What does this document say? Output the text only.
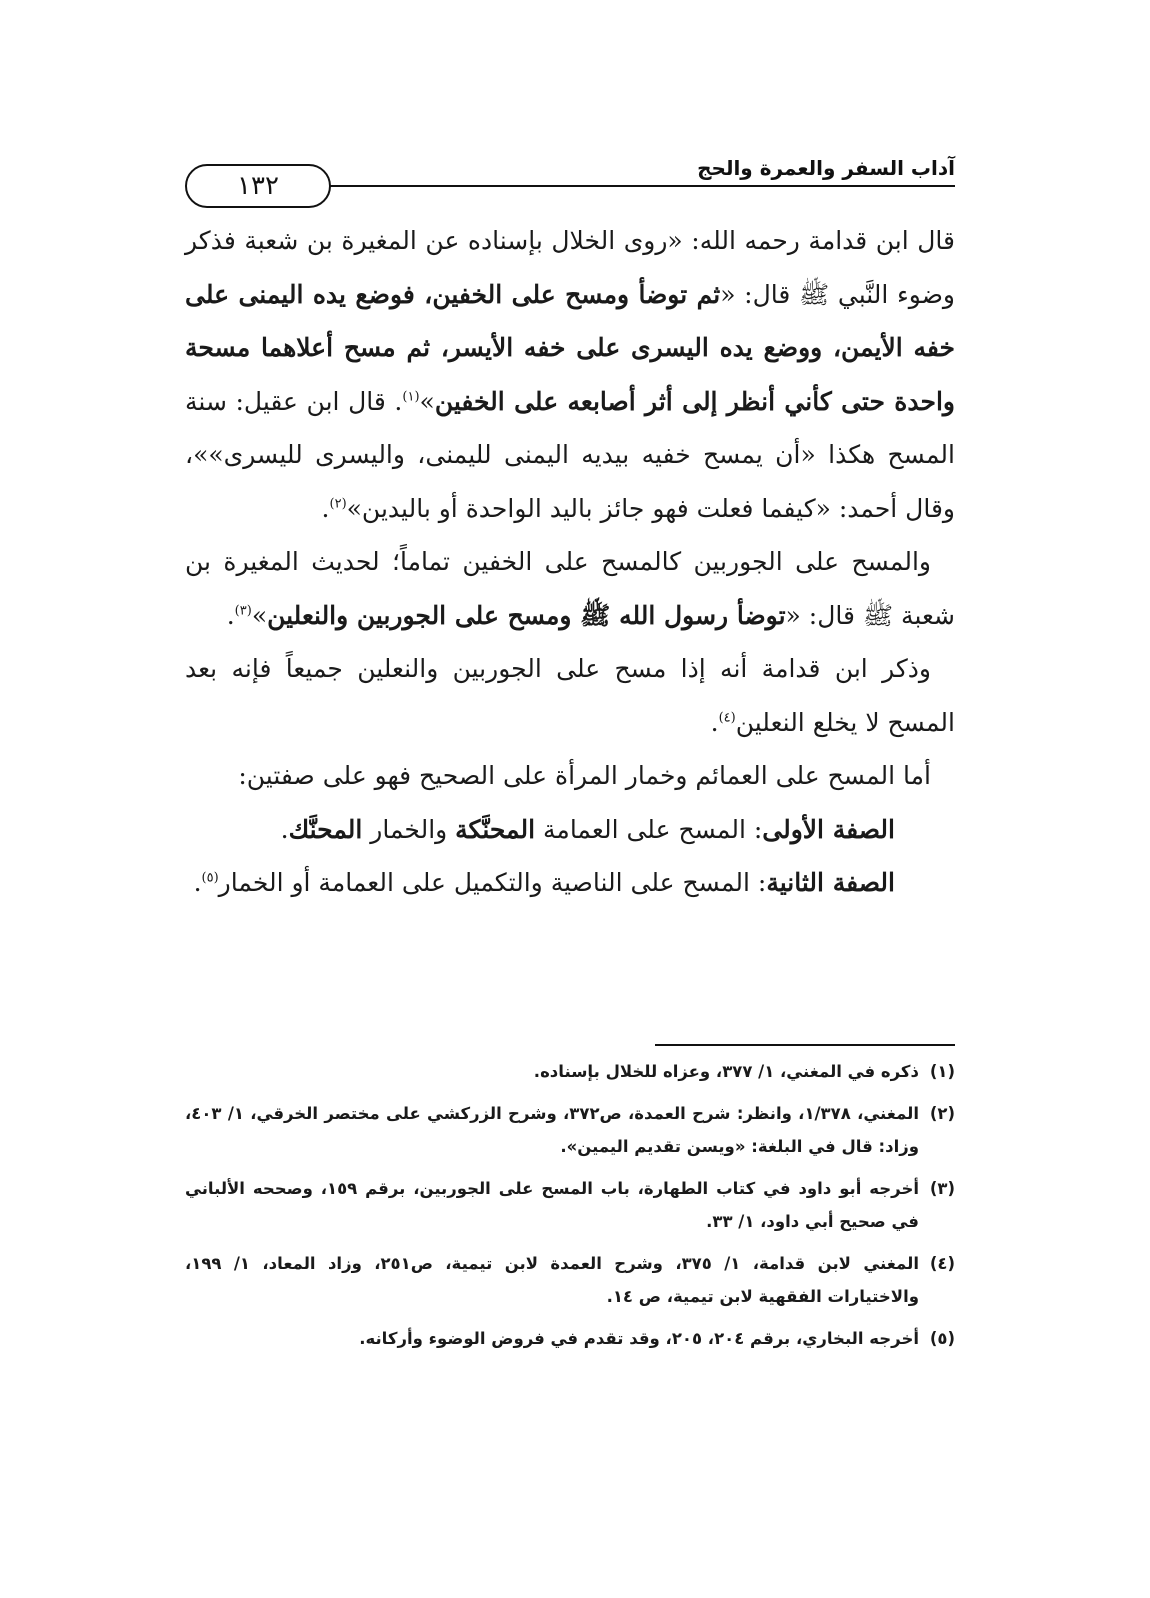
آداب السفر والعمرة والحج
١٣٢

قال ابن قدامة رحمه الله: «روى الخلال بإسناده عن المغيرة بن شعبة فذكر وضوء النَّبي ﷺ قال: «ثم توضأ ومسح على الخفين، فوضع يده اليمنى على خفه الأيمن، ووضع يده اليسرى على خفه الأيسر، ثم مسح أعلاهما مسحة واحدة حتى كأني أنظر إلى أثر أصابعه على الخفين»$^{(١)}$. قال ابن عقيل: سنة المسح هكذا «أن يمسح خفيه بيديه اليمنى لليمنى، واليسرى لليسرى»»، وقال أحمد: «كيفما فعلت فهو جائز باليد الواحدة أو باليدين»$^{(٢)}$.

والمسح على الجوربين كالمسح على الخفين تماماً؛ لحديث المغيرة بن شعبة ﷺ قال: «توضأ رسول الله ﷺ ومسح على الجوربين والنعلين»$^{(٣)}$.

وذكر ابن قدامة أنه إذا مسح على الجوربين والنعلين جميعاً فإنه بعد المسح لا يخلع النعلين$^{(٤)}$.

أما المسح على العمائم وخمار المرأة على الصحيح فهو على صفتين:

الصفة الأولى: المسح على العمامة المحنَّكة والخمار المحنَّك.

الصفة الثانية: المسح على الناصية والتكميل على العمامة أو الخمار$^{(٥)}$.

(١)
ذكره في المغني، ١/ ٣٧٧، وعزاه للخلال بإسناده.
(٢)
المغني، ١/٣٧٨، وانظر: شرح العمدة، ص٣٧٢، وشرح الزركشي على مختصر الخرقي، ١/ ٤٠٣، وزاد: قال في البلغة: «ويسن تقديم اليمين».
(٣)
أخرجه أبو داود في كتاب الطهارة، باب المسح على الجوربين، برقم ١٥٩، وصححه الألباني في صحيح أبي داود، ١/ ٣٣.
(٤)
المغني لابن قدامة، ١/ ٣٧٥، وشرح العمدة لابن تيمية، ص٢٥١، وزاد المعاد، ١/ ١٩٩، والاختيارات الفقهية لابن تيمية، ص ١٤.
(٥)
أخرجه البخاري، برقم ٢٠٤، ٢٠٥، وقد تقدم في فروض الوضوء وأركانه.
